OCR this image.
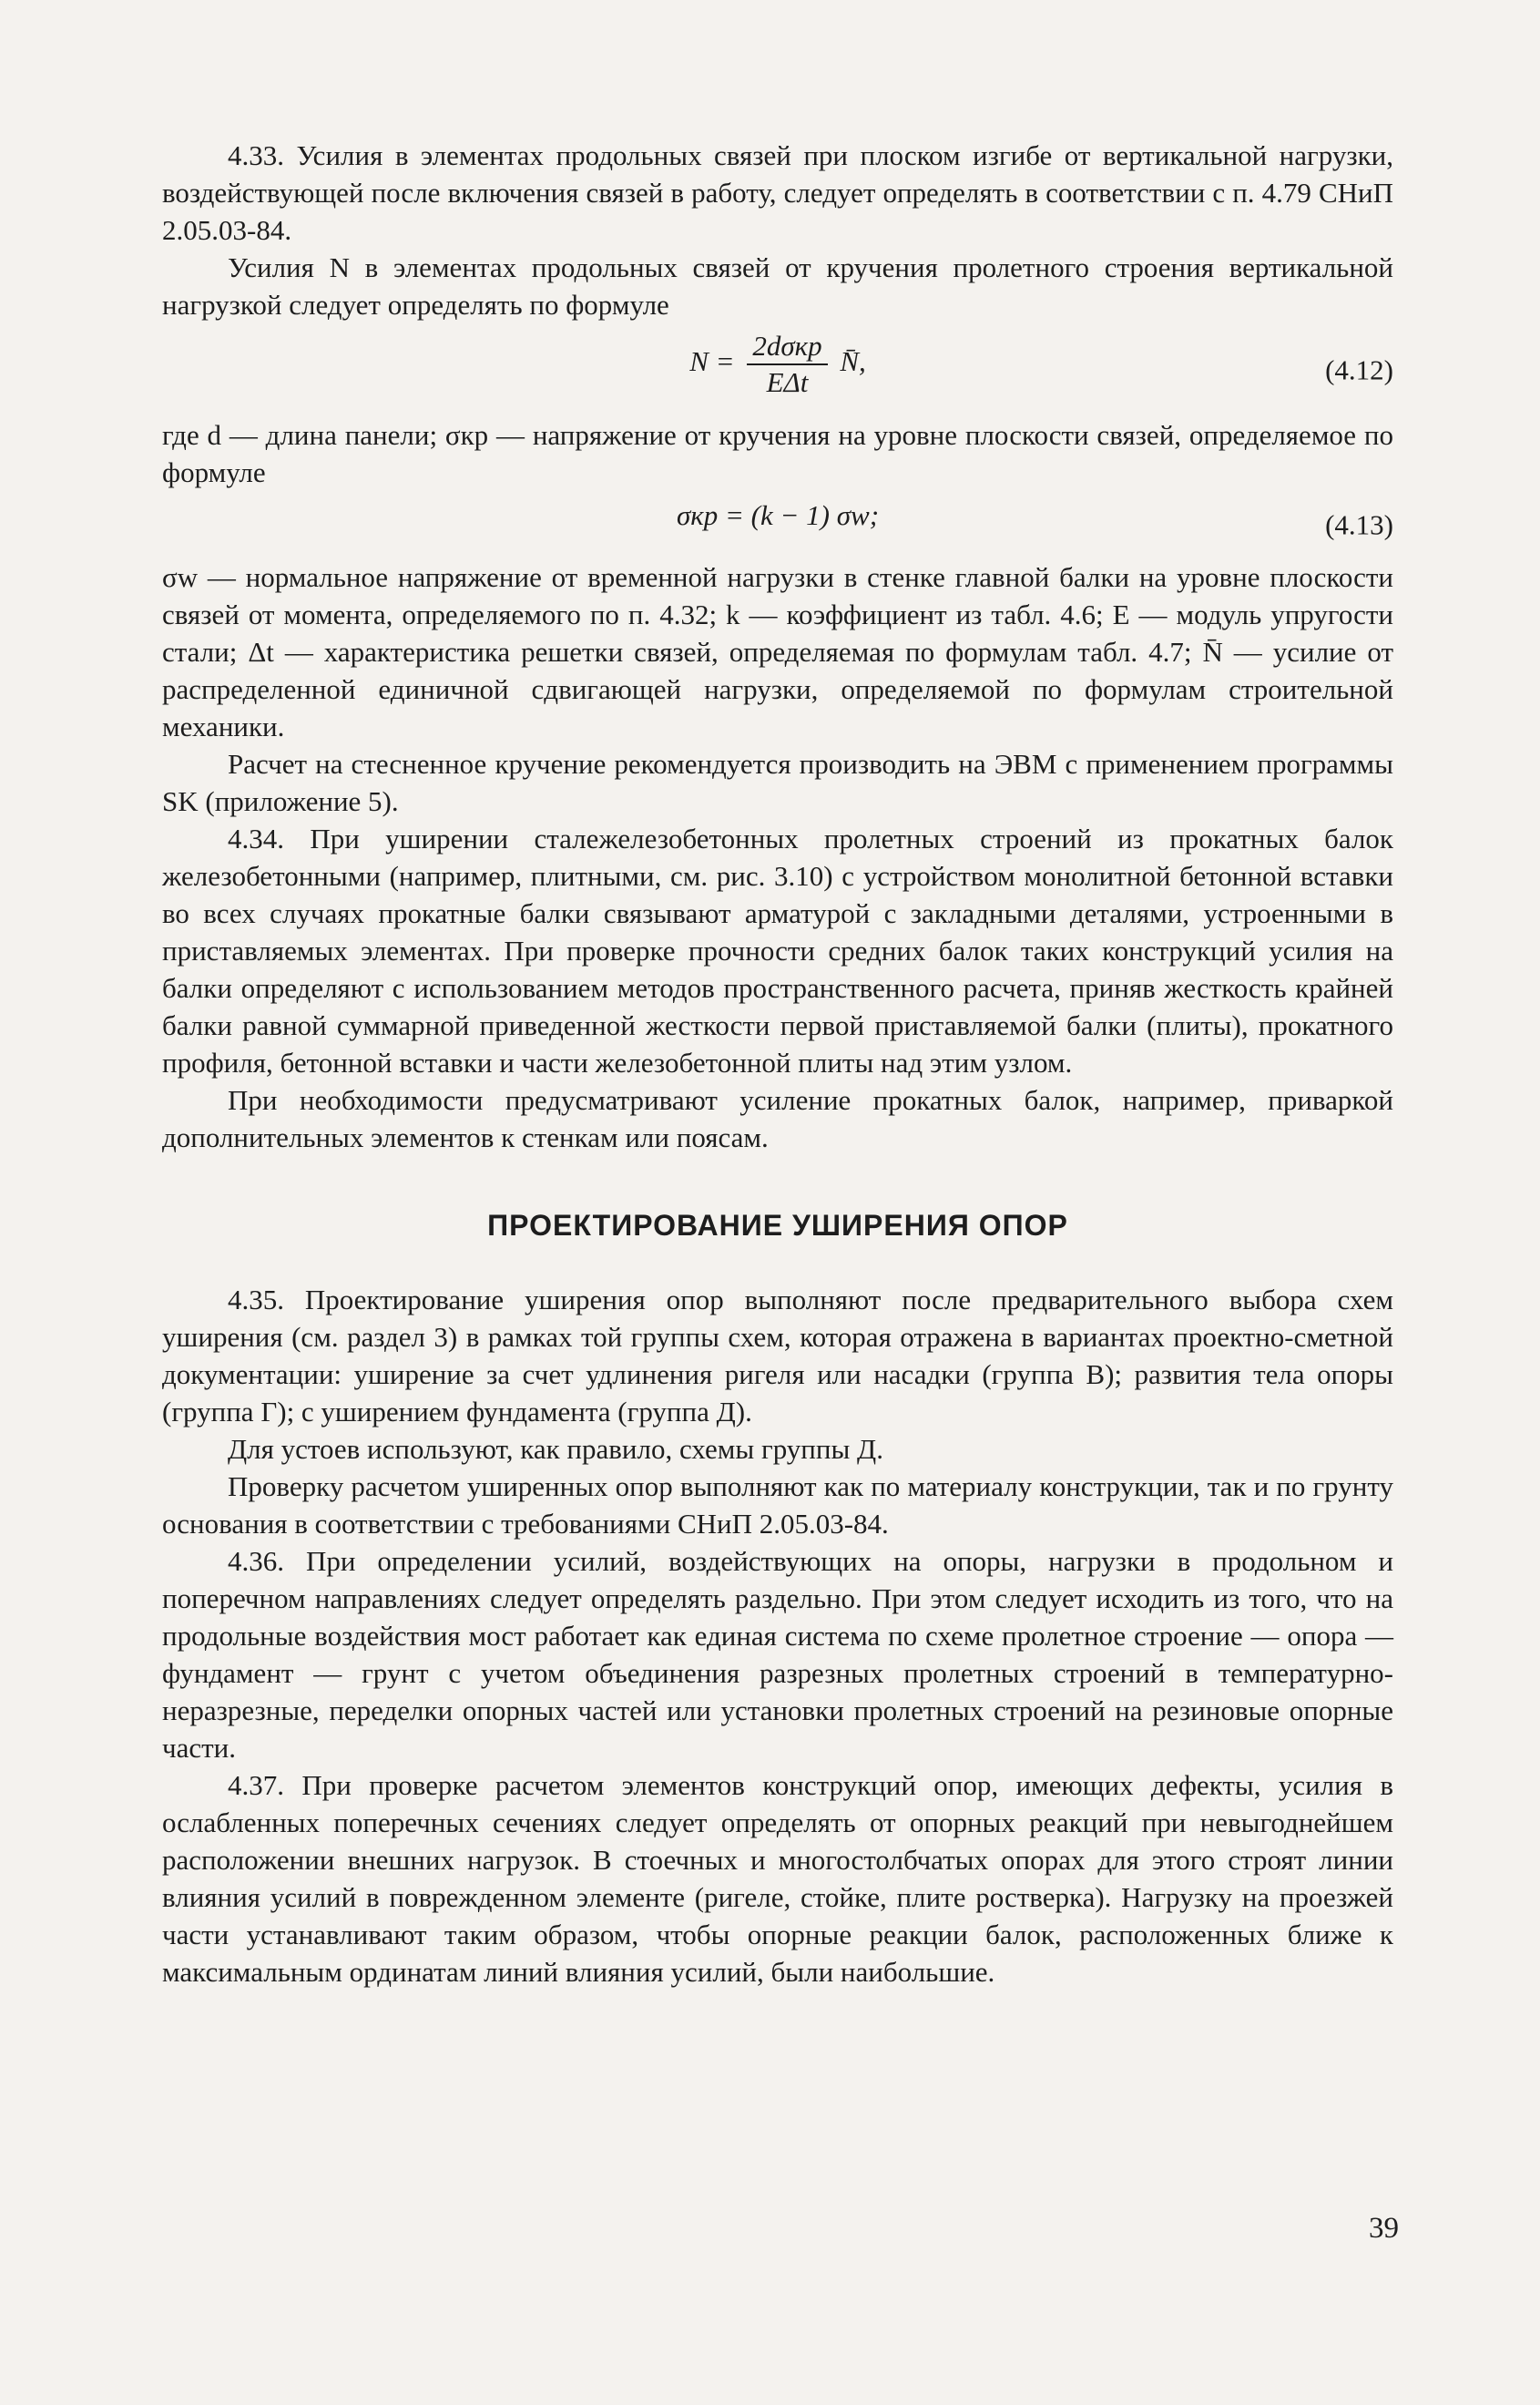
4.33. Усилия в элементах продольных связей при плоском изгибе от вертикальной нагрузки, воздействующей после включения связей в работу, следует определять в соответствии с п. 4.79 СНиП 2.05.03-84.

Усилия N в элементах продольных связей от кручения пролетного строения вертикальной нагрузкой следует определять по формуле

$N = \frac{\text{2dσкр}}{\text{EΔt}}$ N̄,	(4.12)

где d — длина панели; σкр — напряжение от кручения на уровне плоскости связей, определяемое по формуле

σкр = (k − 1) σw;	(4.13)

σw — нормальное напряжение от временной нагрузки в стенке главной балки на уровне плоскости связей от момента, определяемого по п. 4.32; k — коэффициент из табл. 4.6; E — модуль упругости стали; Δt — характеристика решетки связей, определяемая по формулам табл. 4.7; N̄ — усилие от распределенной единичной сдвигающей нагрузки, определяемой по формулам строительной механики.

Расчет на стесненное кручение рекомендуется производить на ЭВМ с применением программы SK (приложение 5).

4.34. При уширении сталежелезобетонных пролетных строений из прокатных балок железобетонными (например, плитными, см. рис. 3.10) с устройством монолитной бетонной вставки во всех случаях прокатные балки связывают арматурой с закладными деталями, устроенными в приставляемых элементах. При проверке прочности средних балок таких конструкций усилия на балки определяют с использованием методов пространственного расчета, приняв жесткость крайней балки равной суммарной приведенной жесткости первой приставляемой балки (плиты), прокатного профиля, бетонной вставки и части железобетонной плиты над этим узлом.

При необходимости предусматривают усиление прокатных балок, например, приваркой дополнительных элементов к стенкам или поясам.

ПРОЕКТИРОВАНИЕ УШИРЕНИЯ ОПОР

4.35. Проектирование уширения опор выполняют после предварительного выбора схем уширения (см. раздел 3) в рамках той группы схем, которая отражена в вариантах проектно-сметной документации: уширение за счет удлинения ригеля или насадки (группа В); развития тела опоры (группа Г); с уширением фундамента (группа Д).

Для устоев используют, как правило, схемы группы Д.

Проверку расчетом уширенных опор выполняют как по материалу конструкции, так и по грунту основания в соответствии с требованиями СНиП 2.05.03-84.

4.36. При определении усилий, воздействующих на опоры, нагрузки в продольном и поперечном направлениях следует определять раздельно. При этом следует исходить из того, что на продольные воздействия мост работает как единая система по схеме пролетное строение — опора — фундамент — грунт с учетом объединения разрезных пролетных строений в температурно-неразрезные, переделки опорных частей или установки пролетных строений на резиновые опорные части.

4.37. При проверке расчетом элементов конструкций опор, имеющих дефекты, усилия в ослабленных поперечных сечениях следует определять от опорных реакций при невыгоднейшем расположении внешних нагрузок. В стоечных и многостолбчатых опорах для этого строят линии влияния усилий в поврежденном элементе (ригеле, стойке, плите ростверка). Нагрузку на проезжей части устанавливают таким образом, чтобы опорные реакции балок, расположенных ближе к максимальным ординатам линий влияния усилий, были наибольшие.

39
